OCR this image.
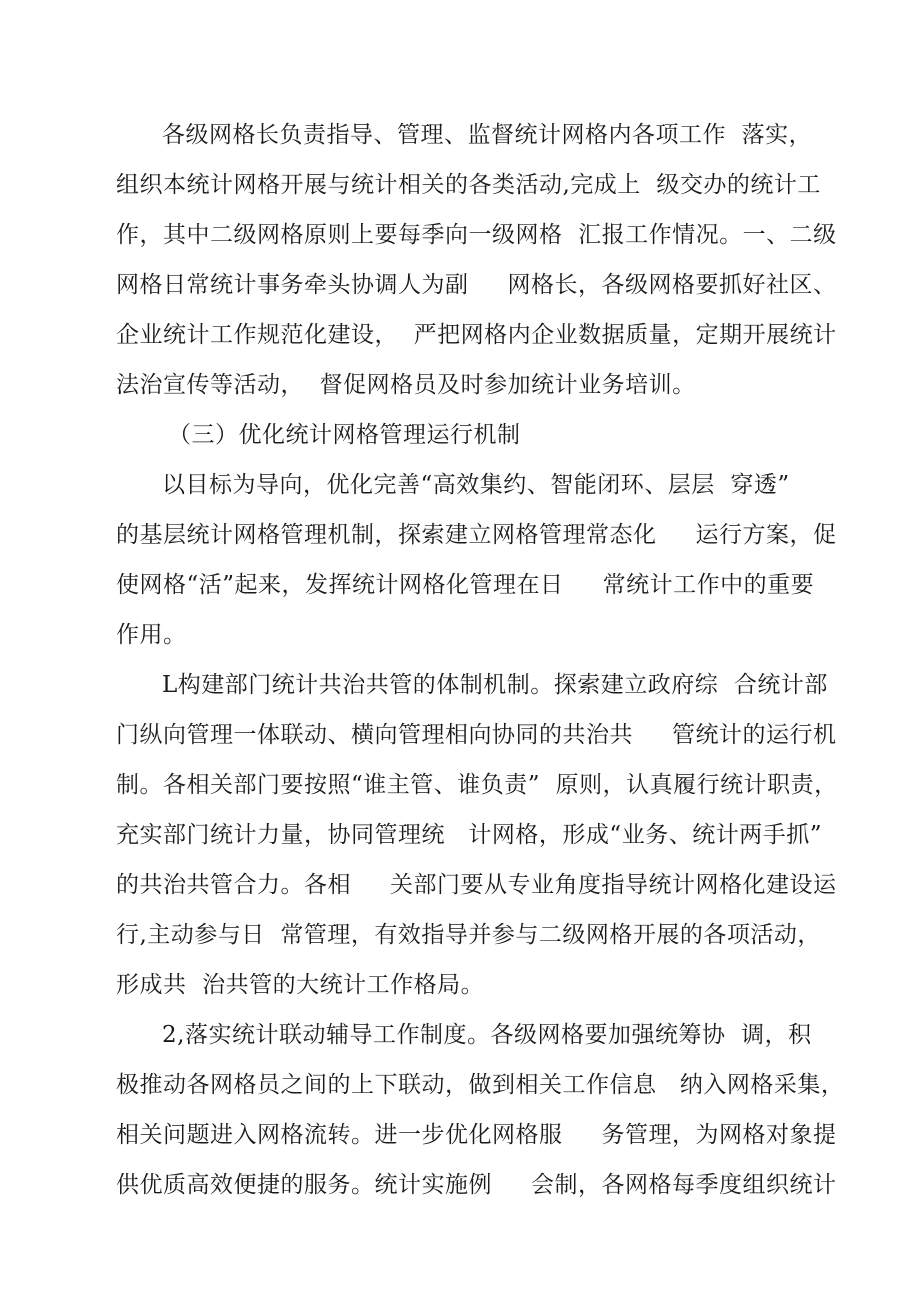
各级网格长负责指导、管理、监督统计网格内各项工作  落实，
组织本统计网格开展与统计相关的各类活动,完成上  级交办的统计工
作，其中二级网格原则上要每季向一级网格  汇报工作情况。一、二级
网格日常统计事务牵头协调人为副     网格长，各级网格要抓好社区、
企业统计工作规范化建设，  严把网格内企业数据质量，定期开展统计
法治宣传等活动，  督促网格员及时参加统计业务培训。
（三）优化统计网格管理运行机制
以目标为导向，优化完善“高效集约、智能闭环、层层  穿透”
的基层统计网格管理机制，探索建立网格管理常态化     运行方案，促
使网格“活”起来，发挥统计网格化管理在日     常统计工作中的重要
作用。
L构建部门统计共治共管的体制机制。探索建立政府综  合统计部
门纵向管理一体联动、横向管理相向协同的共治共     管统计的运行机
制。各相关部门要按照“谁主管、谁负责”  原则，认真履行统计职责，
充实部门统计力量，协同管理统   计网格，形成“业务、统计两手抓”
的共治共管合力。各相     关部门要从专业角度指导统计网格化建设运
行,主动参与日  常管理，有效指导并参与二级网格开展的各项活动，
形成共  治共管的大统计工作格局。
2,落实统计联动辅导工作制度。各级网格要加强统筹协  调，积
极推动各网格员之间的上下联动，做到相关工作信息   纳入网格采集，
相关问题进入网格流转。进一步优化网格服     务管理，为网格对象提
供优质高效便捷的服务。统计实施例     会制，各网格每季度组织统计
